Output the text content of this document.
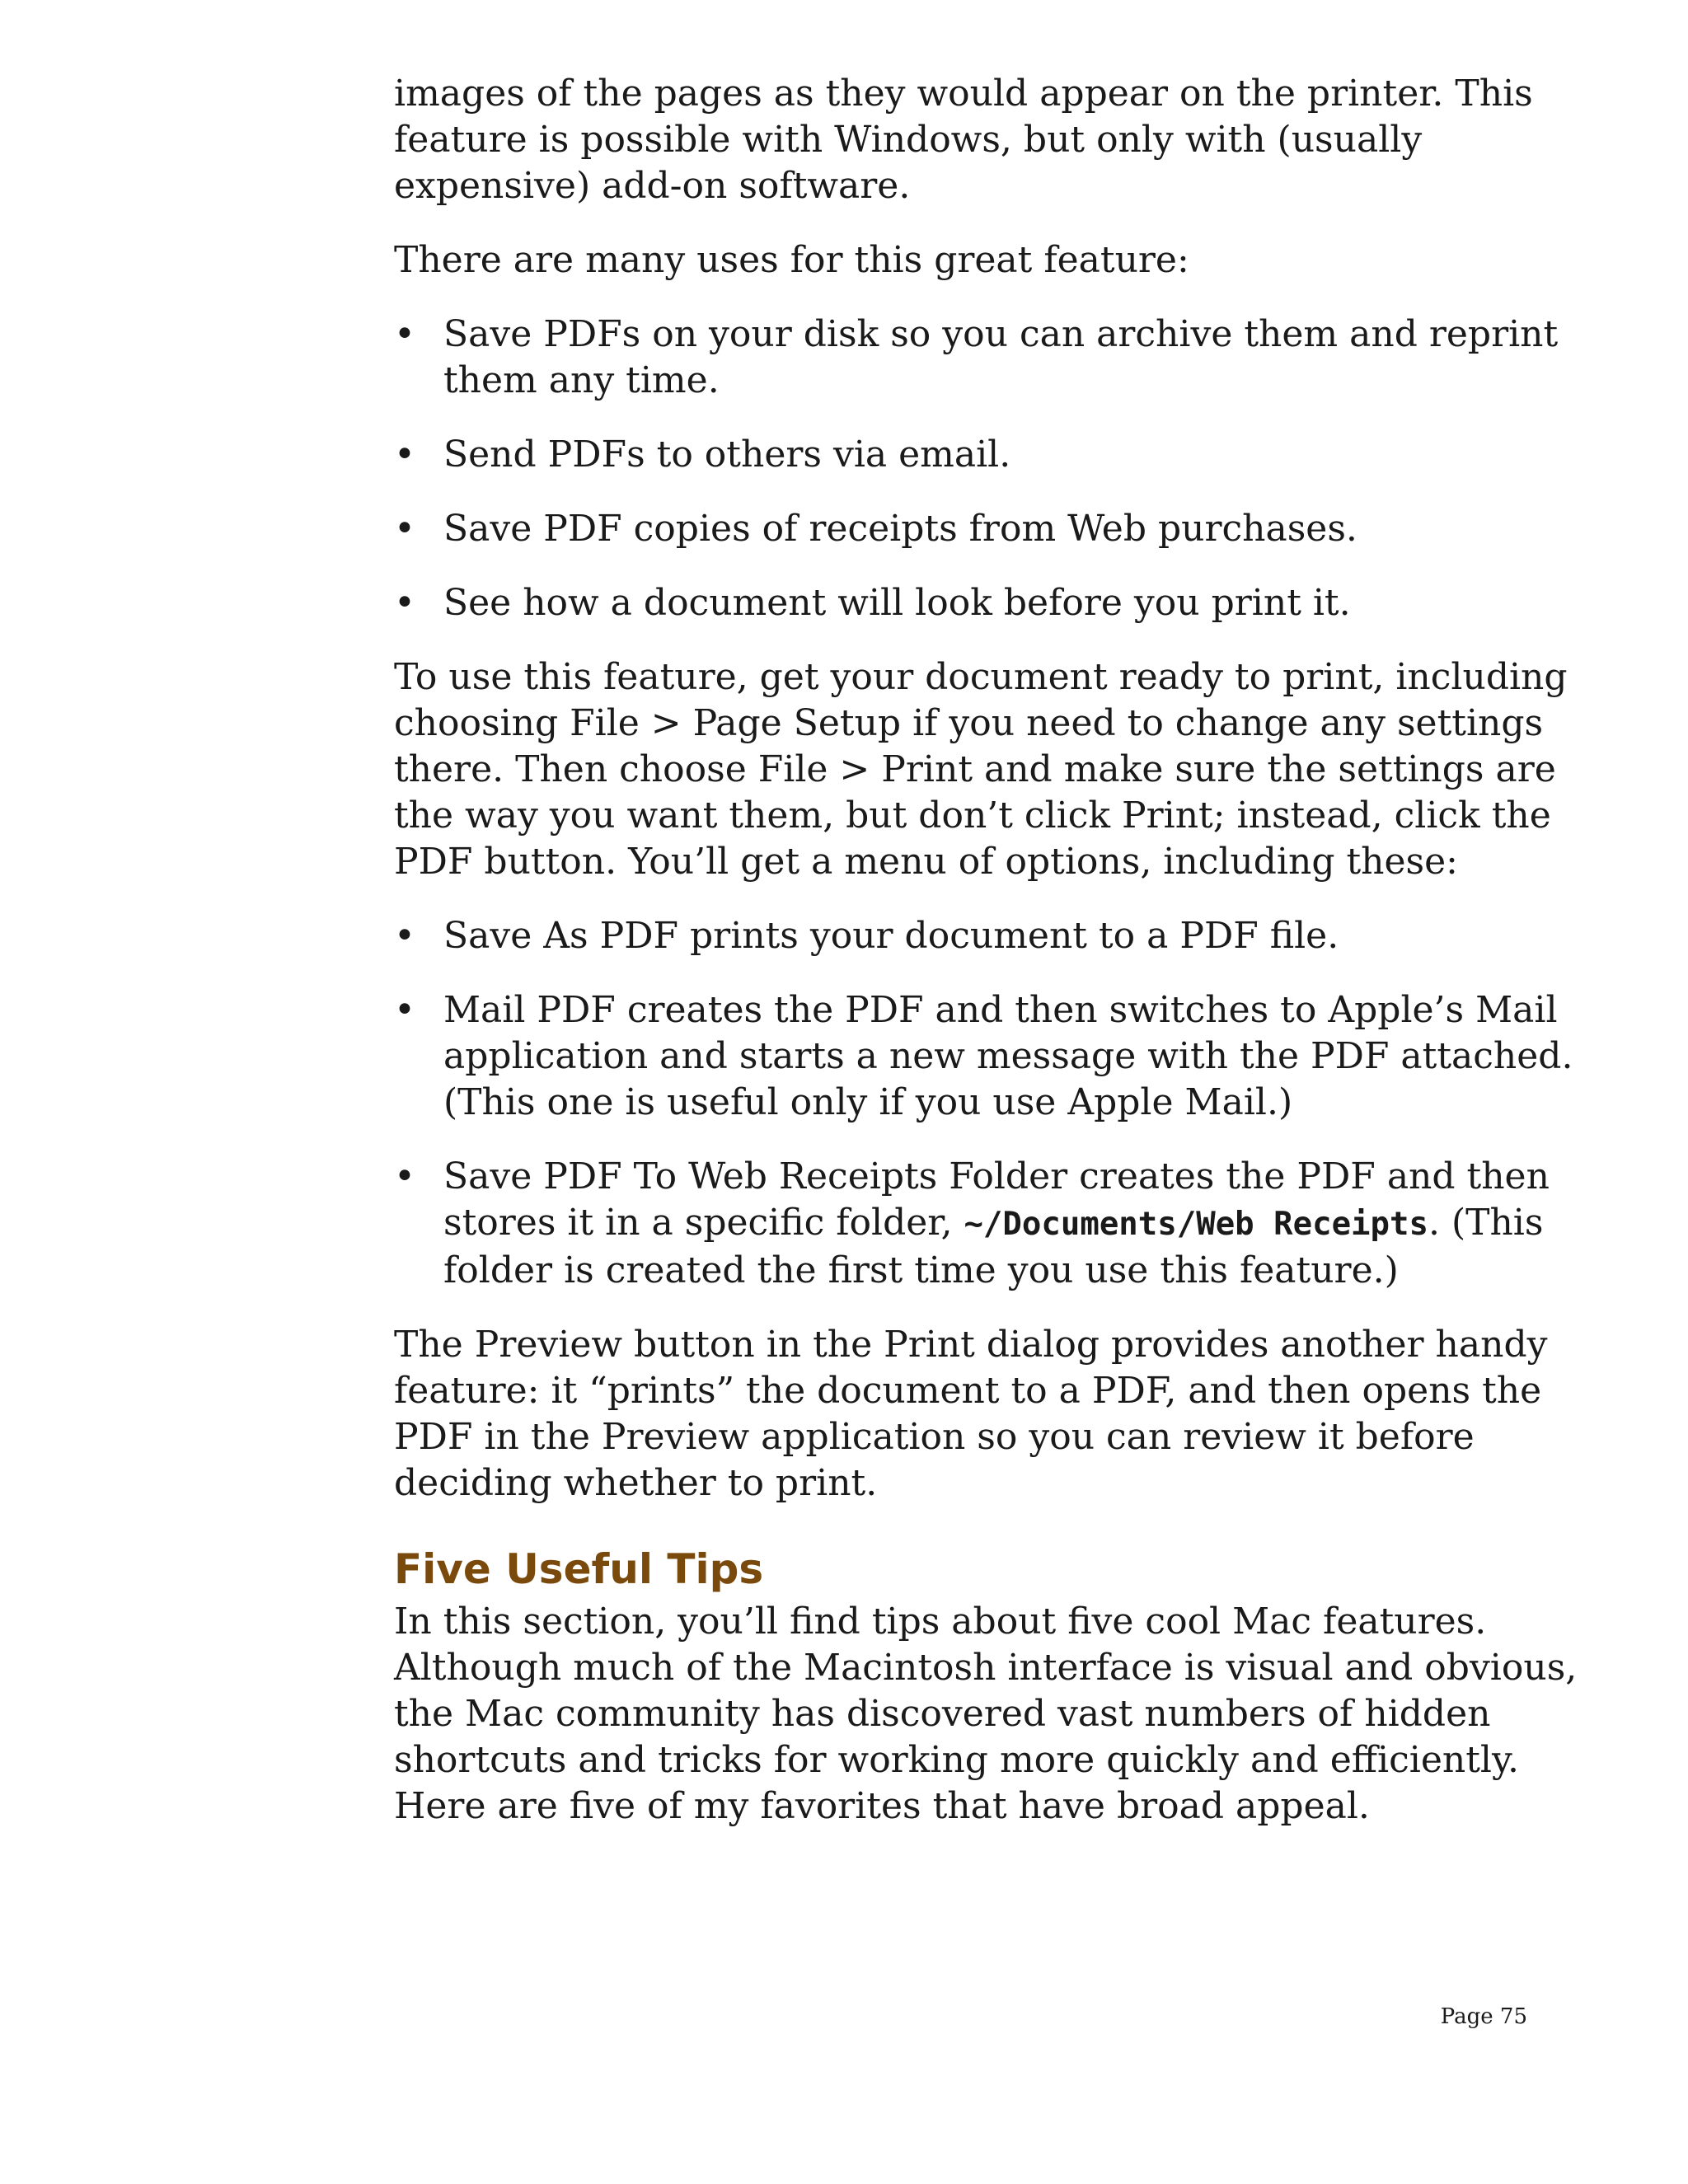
images of the pages as they would appear on the printer. This feature is possible with Windows, but only with (usually expensive) add-on software.

There are many uses for this great feature:

• Save PDFs on your disk so you can archive them and reprint them any time.
• Send PDFs to others via email.
• Save PDF copies of receipts from Web purchases.
• See how a document will look before you print it.

To use this feature, get your document ready to print, including choosing File > Page Setup if you need to change any settings there. Then choose File > Print and make sure the settings are the way you want them, but don’t click Print; instead, click the PDF button. You’ll get a menu of options, including these:

• Save As PDF prints your document to a PDF file.
• Mail PDF creates the PDF and then switches to Apple’s Mail application and starts a new message with the PDF attached. (This one is useful only if you use Apple Mail.)
• Save PDF To Web Receipts Folder creates the PDF and then stores it in a specific folder, ~/Documents/Web Receipts. (This folder is created the first time you use this feature.)

The Preview button in the Print dialog provides another handy feature: it “prints” the document to a PDF, and then opens the PDF in the Preview application so you can review it before deciding whether to print.

Five Useful Tips

In this section, you’ll find tips about five cool Mac features. Although much of the Macintosh interface is visual and obvious, the Mac community has discovered vast numbers of hidden shortcuts and tricks for working more quickly and efficiently. Here are five of my favorites that have broad appeal.

Page 75
